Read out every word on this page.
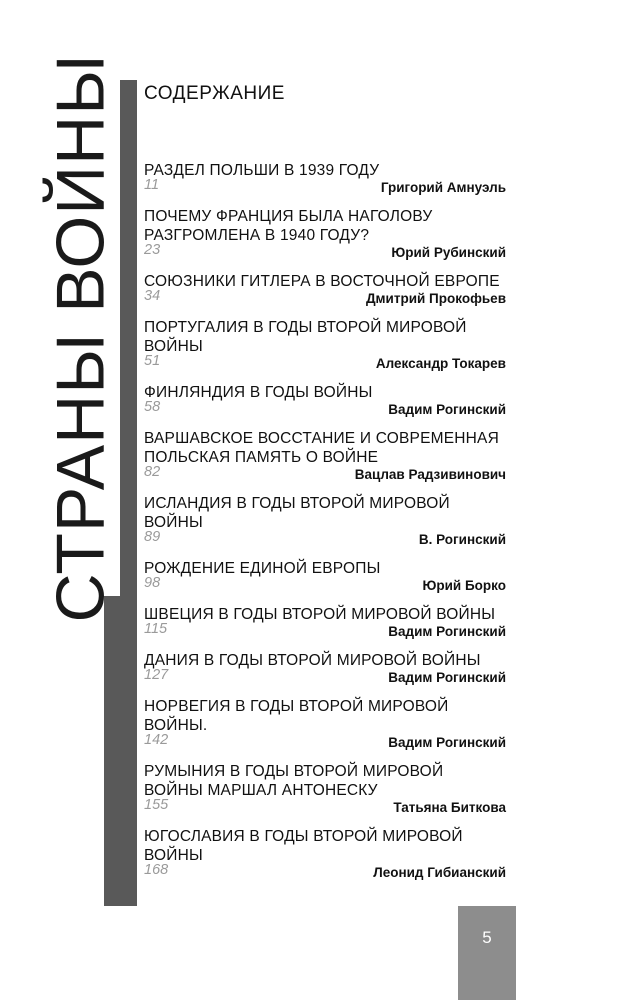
СТРАНЫ ВОЙНЫ СОДЕРЖАНИЕ
РАЗДЕЛ ПОЛЬШИ В 1939 ГОДУ
11	Григорий Амнуэль
ПОЧЕМУ ФРАНЦИЯ БЫЛА НАГОЛОВУ РАЗГРОМЛЕНА В 1940 ГОДУ?
23	Юрий Рубинский
СОЮЗНИКИ ГИТЛЕРА В ВОСТОЧНОЙ ЕВРОПЕ
34	Дмитрий Прокофьев
ПОРТУГАЛИЯ В ГОДЫ ВТОРОЙ МИРОВОЙ ВОЙНЫ
51	Александр Токарев
ФИНЛЯНДИЯ В ГОДЫ ВОЙНЫ
58	Вадим Рогинский
ВАРШАВСКОЕ ВОССТАНИЕ И СОВРЕМЕННАЯ ПОЛЬСКАЯ ПАМЯТЬ О ВОЙНЕ
82	Вацлав Радзивинович
ИСЛАНДИЯ В ГОДЫ ВТОРОЙ МИРОВОЙ ВОЙНЫ
89	В. Рогинский
РОЖДЕНИЕ ЕДИНОЙ ЕВРОПЫ
98	Юрий Борко
ШВЕЦИЯ В ГОДЫ ВТОРОЙ МИРОВОЙ ВОЙНЫ
115	Вадим Рогинский
ДАНИЯ В ГОДЫ ВТОРОЙ МИРОВОЙ ВОЙНЫ
127	Вадим Рогинский
НОРВЕГИЯ В ГОДЫ ВТОРОЙ МИРОВОЙ ВОЙНЫ.
142	Вадим Рогинский
РУМЫНИЯ В ГОДЫ ВТОРОЙ МИРОВОЙ ВОЙНЫ МАРШАЛ АНТОНЕСКУ
155	Татьяна Биткова
ЮГОСЛАВИЯ В ГОДЫ ВТОРОЙ МИРОВОЙ ВОЙНЫ
168	Леонид Гибианский
5
